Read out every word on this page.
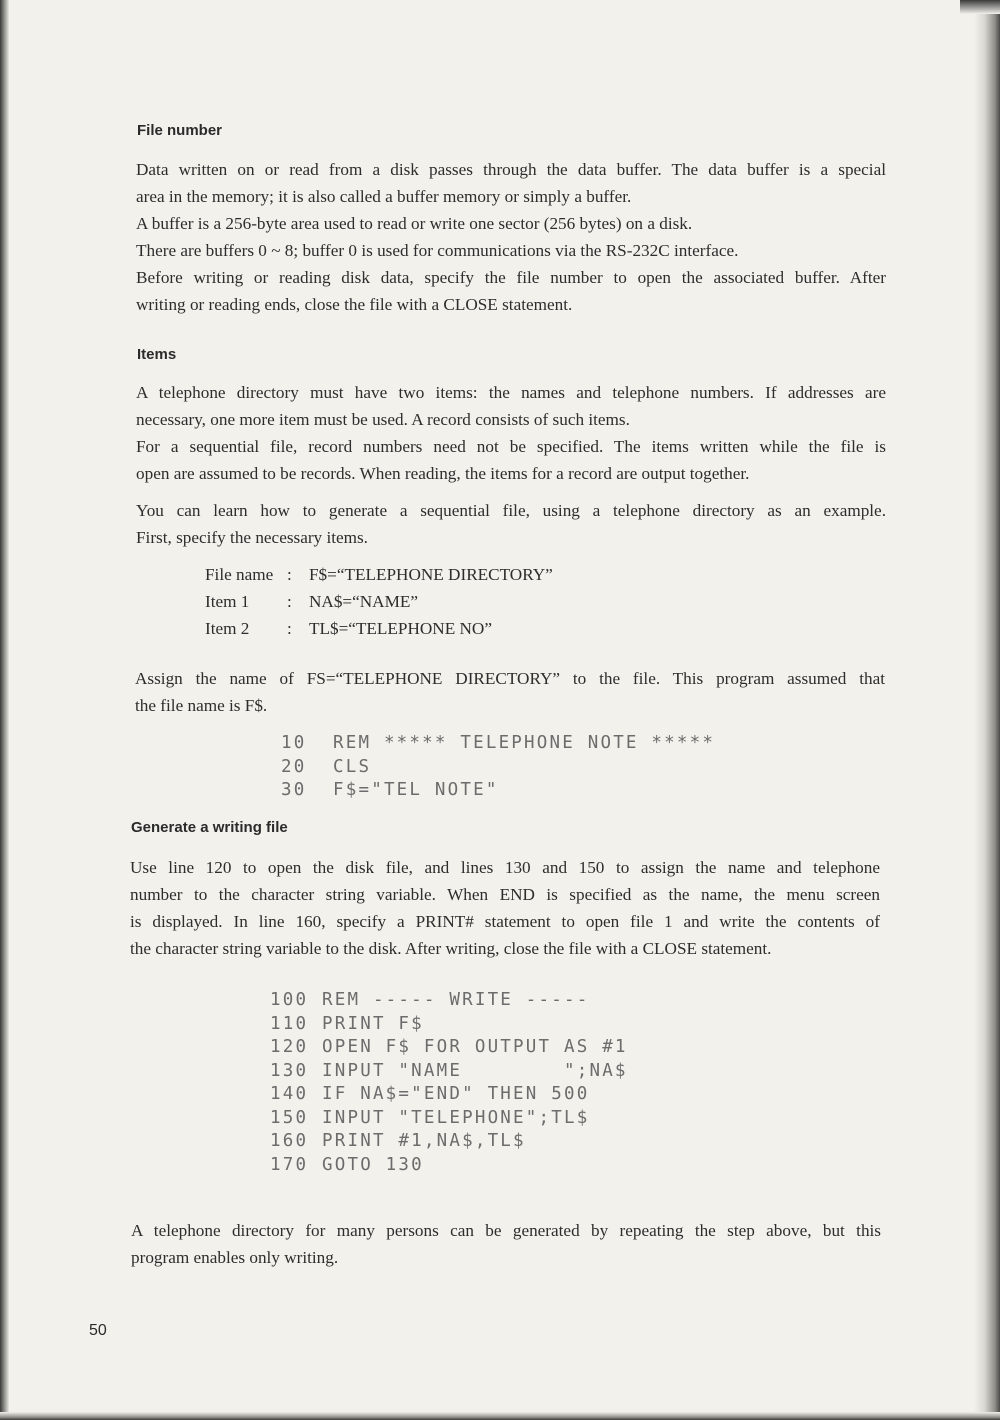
File number
Data written on or read from a disk passes through the data buffer. The data buffer is a special
area in the memory; it is also called a buffer memory or simply a buffer.
A buffer is a 256-byte area used to read or write one sector (256 bytes) on a disk.
There are buffers 0 ~ 8; buffer 0 is used for communications via the RS-232C interface.
Before writing or reading disk data, specify the file number to open the associated buffer. After
writing or reading ends, close the file with a CLOSE statement.
Items
A telephone directory must have two items: the names and telephone numbers. If addresses are
necessary, one more item must be used. A record consists of such items.
For a sequential file, record numbers need not be specified. The items written while the file is
open are assumed to be records. When reading, the items for a record are output together.
You can learn how to generate a sequential file, using a telephone directory as an example.
First, specify the necessary items.
File name :	F$=“TELEPHONE DIRECTORY”
Item 1	:	NA$=“NAME”
Item 2	:	TL$=“TELEPHONE NO”
Assign the name of FS=“TELEPHONE DIRECTORY” to the file. This program assumed that
the file name is F$.
10	REM ***** TELEPHONE NOTE *****
20	CLS
30	F$="TEL NOTE"
Generate a writing file
Use line 120 to open the disk file, and lines 130 and 150 to assign the name and telephone
number to the character string variable. When END is specified as the name, the menu screen
is displayed. In line 160, specify a PRINT# statement to open file 1 and write the contents of
the character string variable to the disk. After writing, close the file with a CLOSE statement.
100 REM ----- WRITE -----
110 PRINT F$
120 OPEN F$ FOR OUTPUT AS #1
130 INPUT "NAME        ";NA$
140 IF NA$="END" THEN 500
150 INPUT "TELEPHONE";TL$
160 PRINT #1,NA$,TL$
170 GOTO 130
A telephone directory for many persons can be generated by repeating the step above, but this
program enables only writing.
50
